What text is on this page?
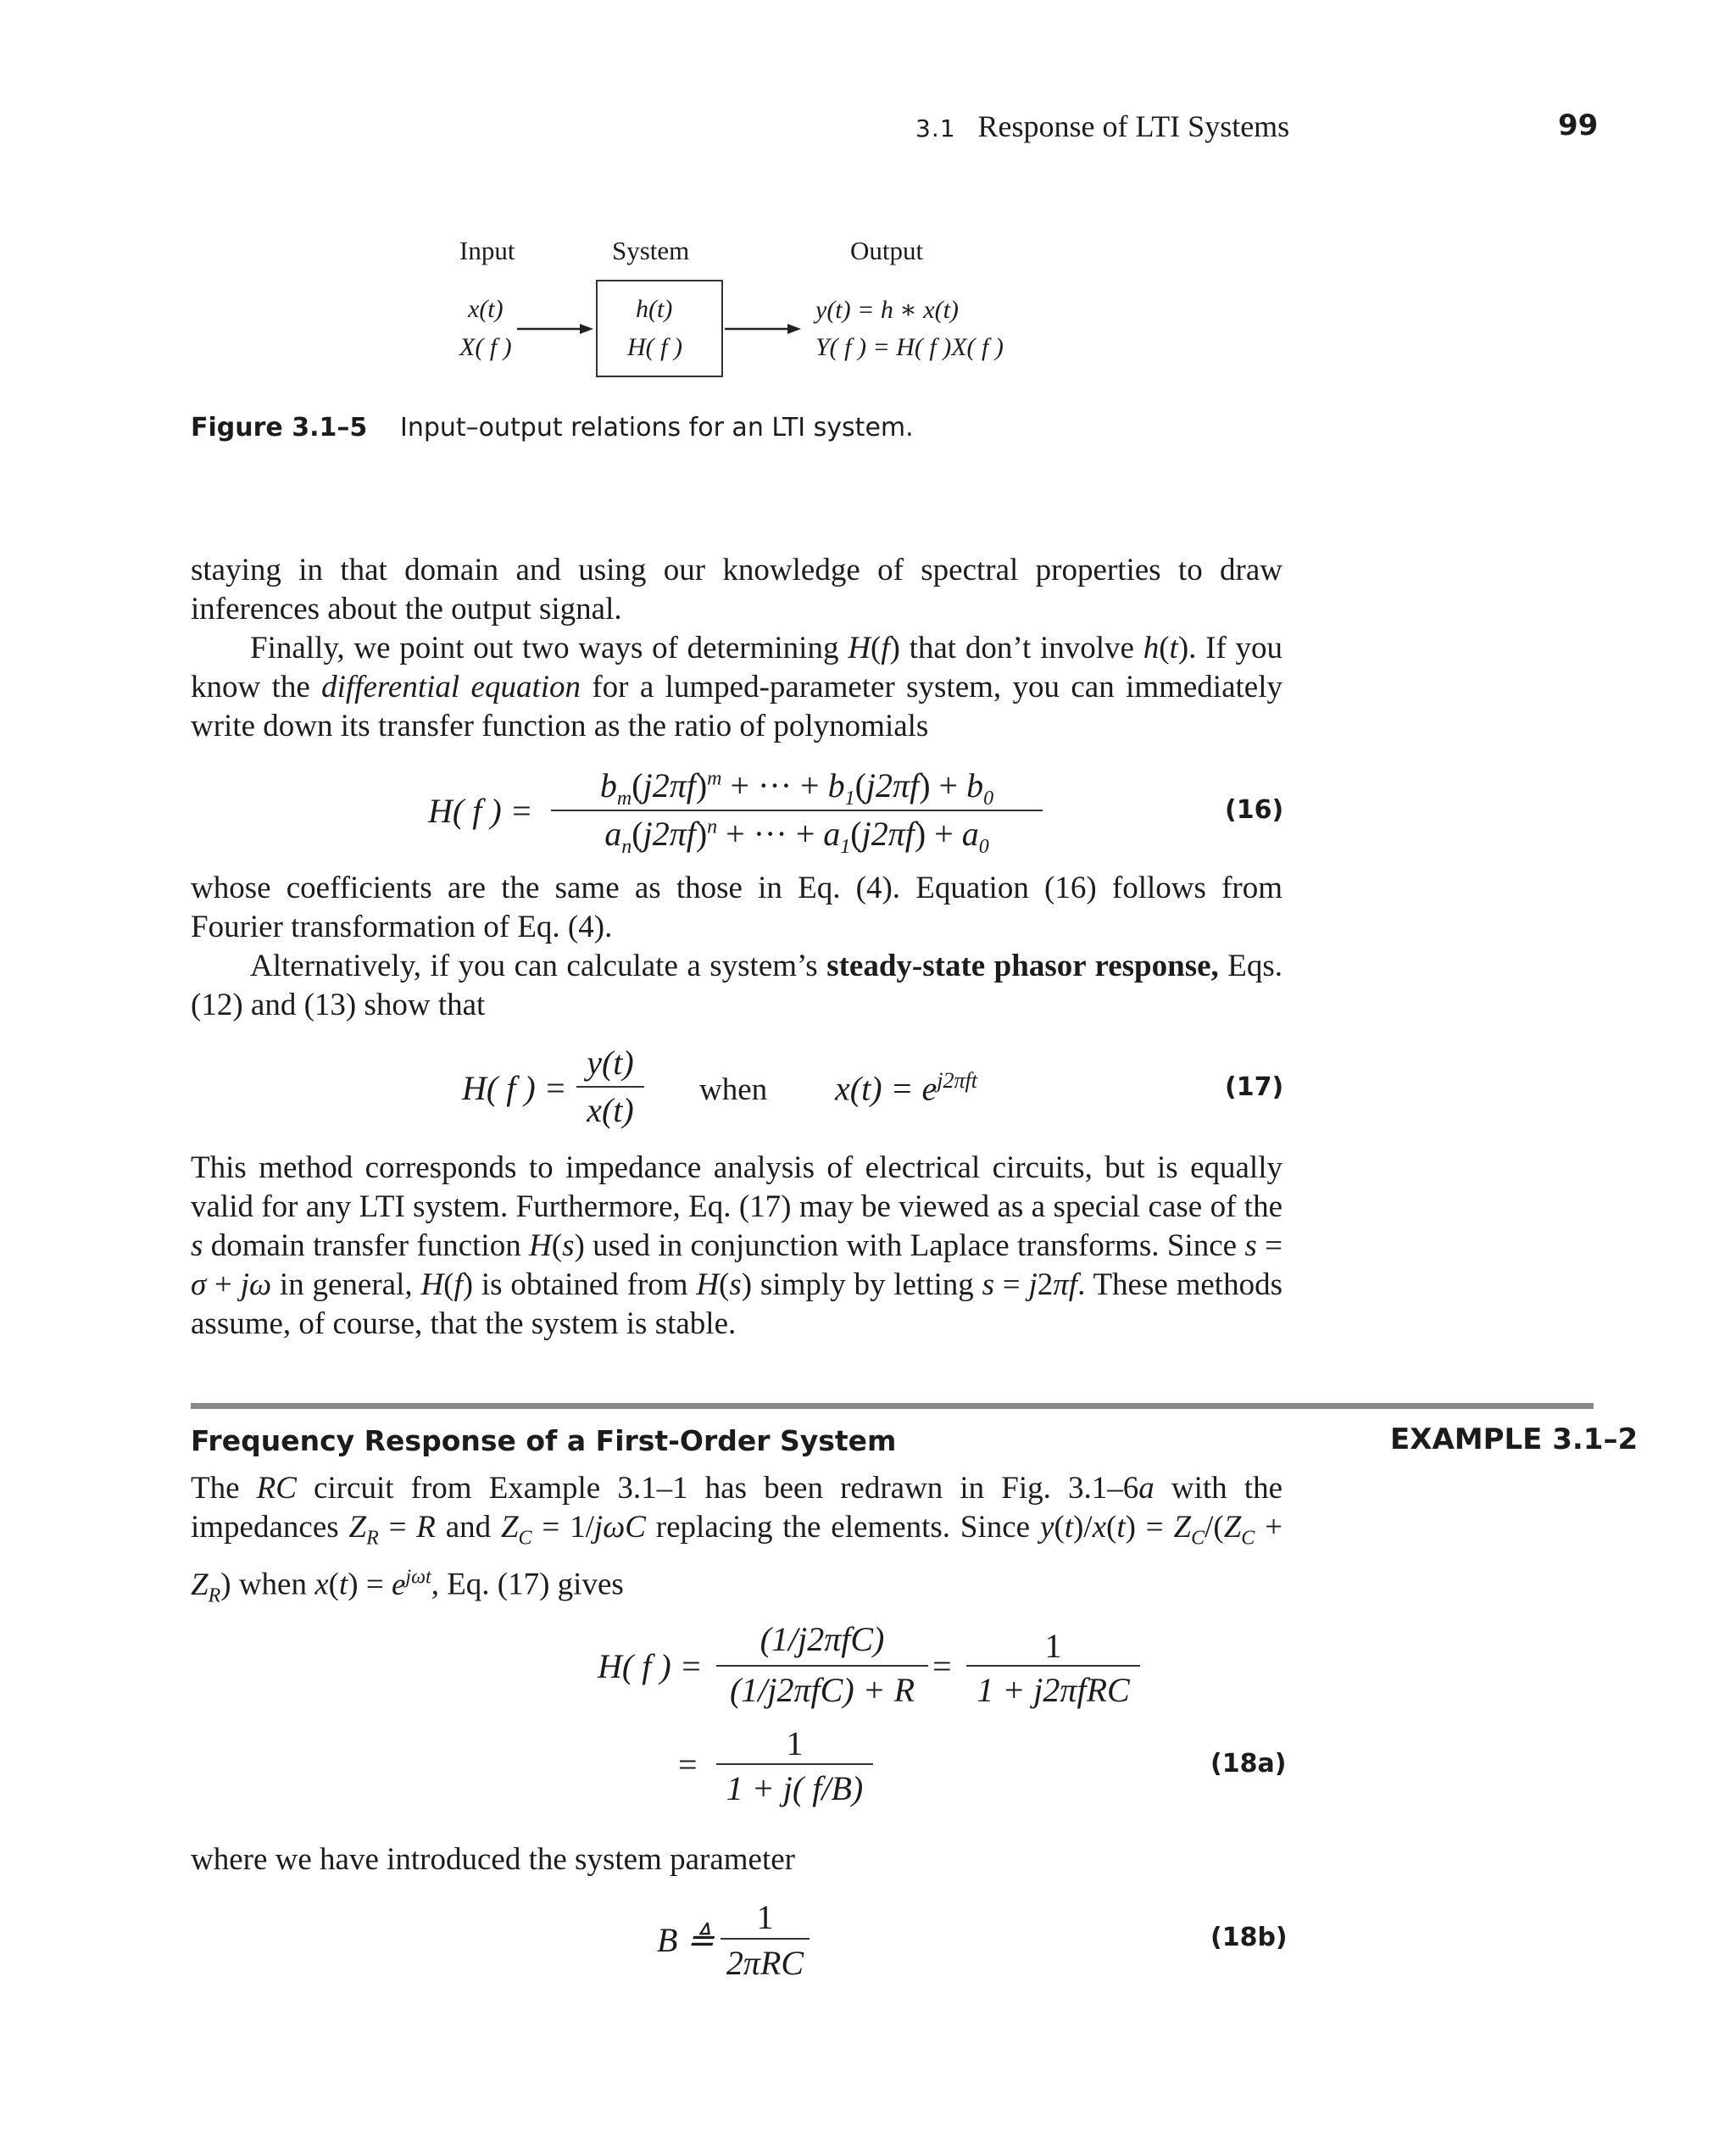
3.1 Response of LTI Systems	99
Input	System	Output
x(t)
X( f )
h(t)
H( f )
y(t) = h ∗ x(t)
Y( f ) = H( f )X( f )
Figure 3.1–5 Input–output relations for an LTI system.

staying in that domain and using our knowledge of spectral properties to draw inferences about the output signal.

Finally, we point out two ways of determining H(f) that don’t involve h(t). If you know the differential equation for a lumped-parameter system, you can immediately write down its transfer function as the ratio of polynomials

H( f ) =
$b_m(j2\pi f)^m$ + ··· + $b_1(j2\pi f) + b_0$
$a_n(j2\pi f)^n$ + ··· + $a_1(j2\pi f) + a_0$
(16)

whose coefficients are the same as those in Eq. (4). Equation (16) follows from Fourier transformation of Eq. (4).

Alternatively, if you can calculate a system’s steady-state phasor response, Eqs. (12) and (13) show that

H( f ) =
y(t)
x(t)
when $x(t) = e^{j2\pi ft}$	(17)

This method corresponds to impedance analysis of electrical circuits, but is equally valid for any LTI system. Furthermore, Eq. (17) may be viewed as a special case of the s domain transfer function H(s) used in conjunction with Laplace transforms. Since s = σ + jω in general, H(f) is obtained from H(s) simply by letting s = j2πf. These methods assume, of course, that the system is stable.

Frequency Response of a First-Order System	EXAMPLE 3.1–2

The RC circuit from Example 3.1–1 has been redrawn in Fig. 3.1–6a with the impedances $Z_R = R$ and $Z_C = 1/j\omega C$ replacing the elements. Since $y(t)/x(t) = Z_C/(Z_C + Z_R)$ when $x(t) = e^{j\omega t}$, Eq. (17) gives

H( f ) =
(1/j2πfC)
(1/j2πfC) + R
=
1
1 + j2πfRC
=
1
1 + j( f/B)
(18a)
where we have introduced the system parameter
B ≜
1
2πRC
(18b)
